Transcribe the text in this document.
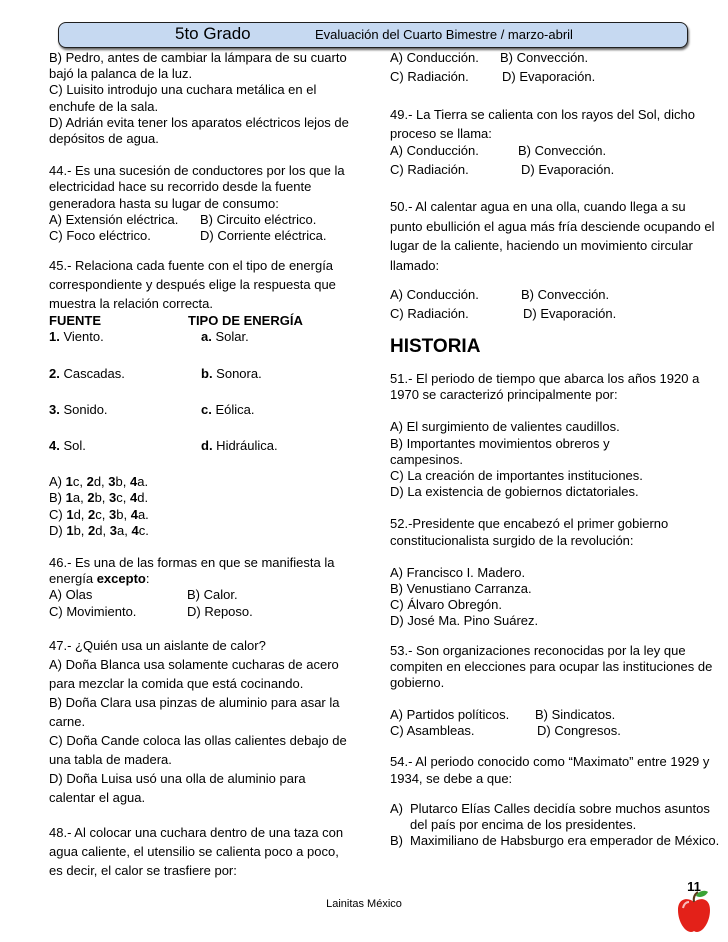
5to Grado	Evaluación del Cuarto Bimestre / marzo-abril

B) Pedro, antes de cambiar la lámpara de su cuarto bajó la palanca de la luz.

C) Luisito introdujo una cuchara metálica en el enchufe de la sala.

D) Adrián evita tener los aparatos eléctricos lejos de depósitos de agua.

44.- Es una sucesión de conductores por los que la electricidad hace su recorrido desde la fuente generadora hasta su lugar de consumo:

A) Extensión eléctrica. B) Circuito eléctrico.
C) Foco eléctrico.	D) Corriente eléctrica.

45.- Relaciona cada fuente con el tipo de energía correspondiente y después elige la respuesta que muestra la relación correcta.

FUENTE	TIPO DE ENERGÍA
1. Viento.	a. Solar.
2. Cascadas.	b. Sonora.
3. Sonido.	c. Eólica.
4. Sol.	d. Hidráulica.

A) 1c, 2d, 3b, 4a.

B) 1a, 2b, 3c, 4d.

C) 1d, 2c, 3b, 4a.

D) 1b, 2d, 3a, 4c.

46.- Es una de las formas en que se manifiesta la energía excepto:

A) Olas	B) Calor.
C) Movimiento.	D) Reposo.

47.- ¿Quién usa un aislante de calor?

A) Doña Blanca usa solamente cucharas de acero para mezclar la comida que está cocinando.

B) Doña Clara usa pinzas de aluminio para asar la carne.

C) Doña Cande coloca las ollas calientes debajo de una tabla de madera.

D) Doña Luisa usó una olla de aluminio para calentar el agua.

48.- Al colocar una cuchara dentro de una taza con agua caliente, el utensilio se calienta poco a poco, es decir, el calor se trasfiere por:

A) Conducción. B) Convección.
C) Radiación.	D) Evaporación.

49.- La Tierra se calienta con los rayos del Sol, dicho proceso se llama:

A) Conducción.	B) Convección.
C) Radiación.	D) Evaporación.

50.- Al calentar agua en una olla, cuando llega a su punto ebullición el agua más fría desciende ocupando el lugar de la caliente, haciendo un movimiento circular llamado:

A) Conducción.	B) Convección.
C) Radiación.	D) Evaporación.

HISTORIA

51.- El periodo de tiempo que abarca los años 1920 a 1970 se caracterizó principalmente por:

A) El surgimiento de valientes caudillos.

B) Importantes movimientos obreros y campesinos.

C) La creación de importantes instituciones.

D) La existencia de gobiernos dictatoriales.

52.-Presidente que encabezó el primer gobierno constitucionalista surgido de la revolución:

A) Francisco I. Madero.

B) Venustiano Carranza.

C) Álvaro Obregón.

D) José Ma. Pino Suárez.

53.- Son organizaciones reconocidas por la ley que compiten en elecciones para ocupar las instituciones de gobierno.

A) Partidos políticos. B) Sindicatos.
C) Asambleas.	D) Congresos.

54.- Al periodo conocido como “Maximato” entre 1929 y 1934, se debe a que:

A) Plutarco Elías Calles decidía sobre muchos asuntos del país por encima de los presidentes.
B) Maximiliano de Habsburgo era emperador de México.
Lainitas México
11
